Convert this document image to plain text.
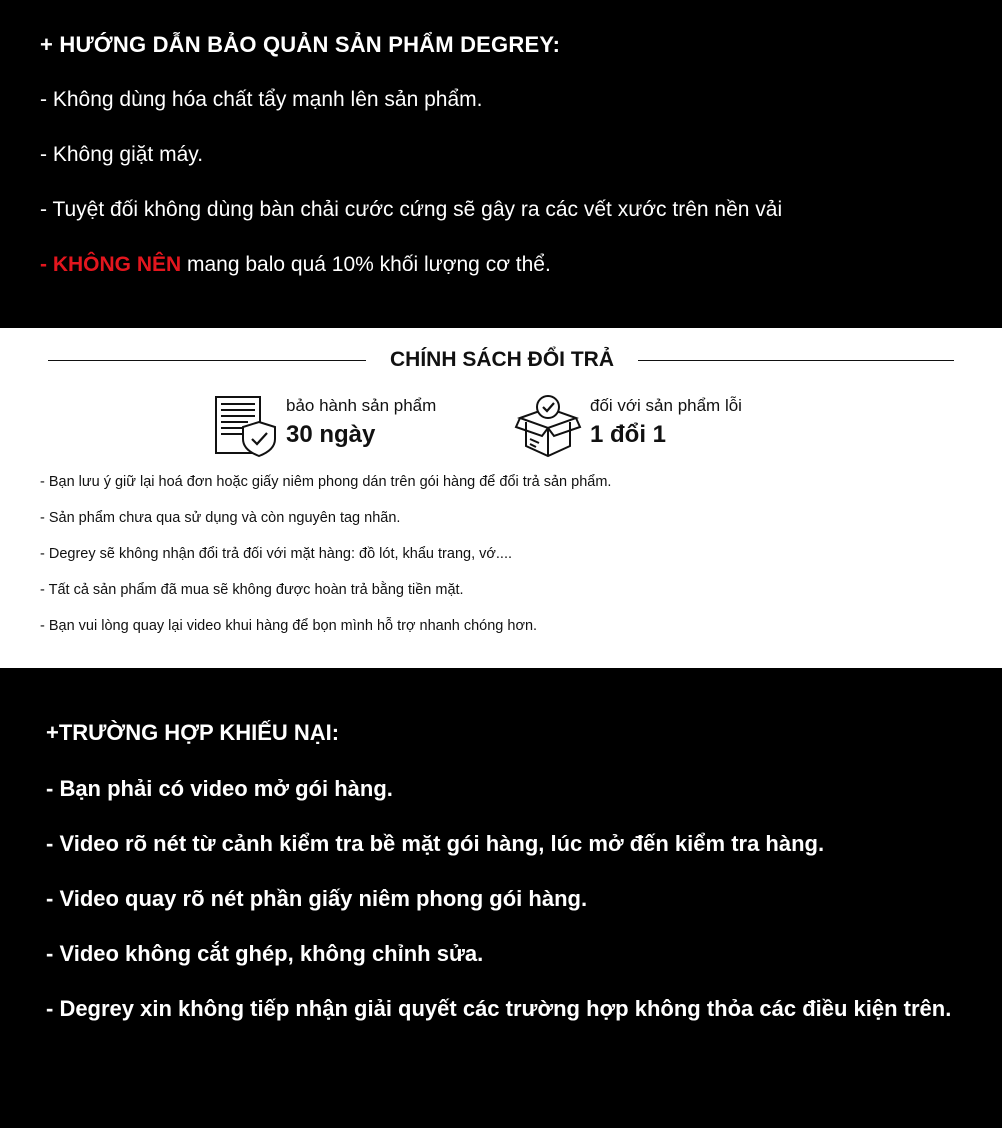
+ HƯỚNG DẪN BẢO QUẢN SẢN PHẨM DEGREY:
- Không dùng hóa chất tẩy mạnh lên sản phẩm.
- Không giặt máy.
- Tuyệt đối không dùng bàn chải cước cứng sẽ gây ra các vết xước trên nền vải
- KHÔNG NÊN mang balo quá 10% khối lượng cơ thể.
CHÍNH SÁCH ĐỔI TRẢ
bảo hành sản phẩm
30 ngày
đối với sản phẩm lỗi
1 đổi 1
- Bạn lưu ý giữ lại hoá đơn hoặc giấy niêm phong dán trên gói hàng để đổi trả sản phẩm.
- Sản phẩm chưa qua sử dụng và còn nguyên tag nhãn.
- Degrey sẽ không nhận đổi trả đối với mặt hàng: đồ lót, khẩu trang, vớ....
- Tất cả sản phẩm đã mua sẽ không được hoàn trả bằng tiền mặt.
- Bạn vui lòng quay lại video khui hàng để bọn mình hỗ trợ nhanh chóng hơn.
+TRƯỜNG HỢP KHIẾU NẠI:
- Bạn phải có video mở gói hàng.
- Video rõ nét từ cảnh kiểm tra bề mặt gói hàng, lúc mở đến kiểm tra hàng.
- Video quay rõ nét phần giấy niêm phong gói hàng.
- Video không cắt ghép, không chỉnh sửa.
- Degrey xin không tiếp nhận giải quyết các trường hợp không thỏa các điều kiện trên.
